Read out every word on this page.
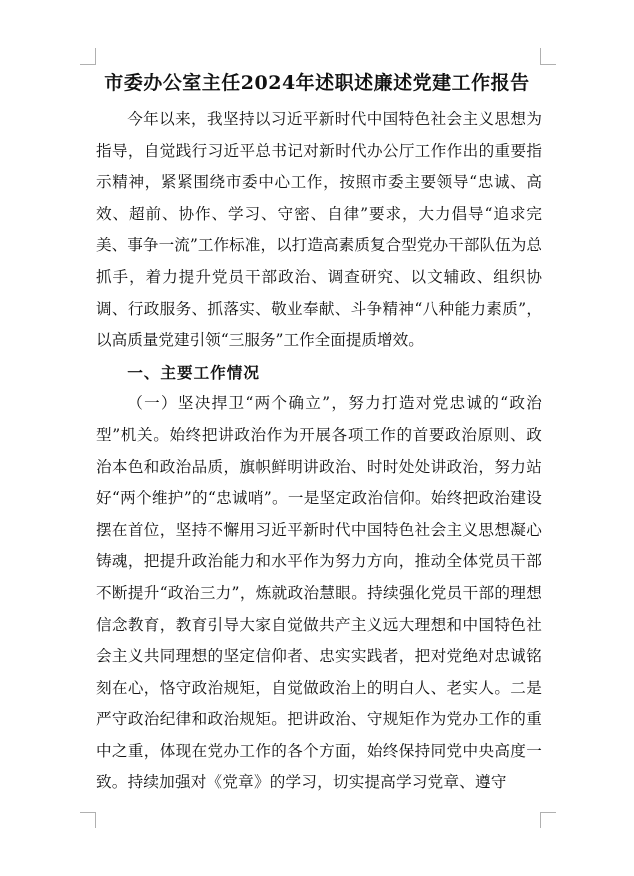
市委办公室主任2024年述职述廉述党建工作报告

今年以来，我坚持以习近平新时代中国特色社会主义思想为指导，自觉践行习近平总书记对新时代办公厅工作作出的重要指示精神，紧紧围绕市委中心工作，按照市委主要领导“忠诚、高效、超前、协作、学习、守密、自律”要求，大力倡导“追求完美、事争一流”工作标准，以打造高素质复合型党办干部队伍为总抓手，着力提升党员干部政治、调查研究、以文辅政、组织协调、行政服务、抓落实、敬业奉献、斗争精神“八种能力素质”，以高质量党建引领“三服务”工作全面提质增效。

一、主要工作情况

（一）坚决捍卫“两个确立”，努力打造对党忠诚的“政治型”机关。始终把讲政治作为开展各项工作的首要政治原则、政治本色和政治品质，旗帜鲜明讲政治、时时处处讲政治，努力站好“两个维护”的“忠诚哨”。一是坚定政治信仰。始终把政治建设摆在首位，坚持不懈用习近平新时代中国特色社会主义思想凝心铸魂，把提升政治能力和水平作为努力方向，推动全体党员干部不断提升“政治三力”，炼就政治慧眼。持续强化党员干部的理想信念教育，教育引导大家自觉做共产主义远大理想和中国特色社会主义共同理想的坚定信仰者、忠实实践者，把对党绝对忠诚铭刻在心，恪守政治规矩，自觉做政治上的明白人、老实人。二是严守政治纪律和政治规矩。把讲政治、守规矩作为党办工作的重中之重，体现在党办工作的各个方面，始终保持同党中央高度一致。持续加强对《党章》的学习，切实提高学习党章、遵守
